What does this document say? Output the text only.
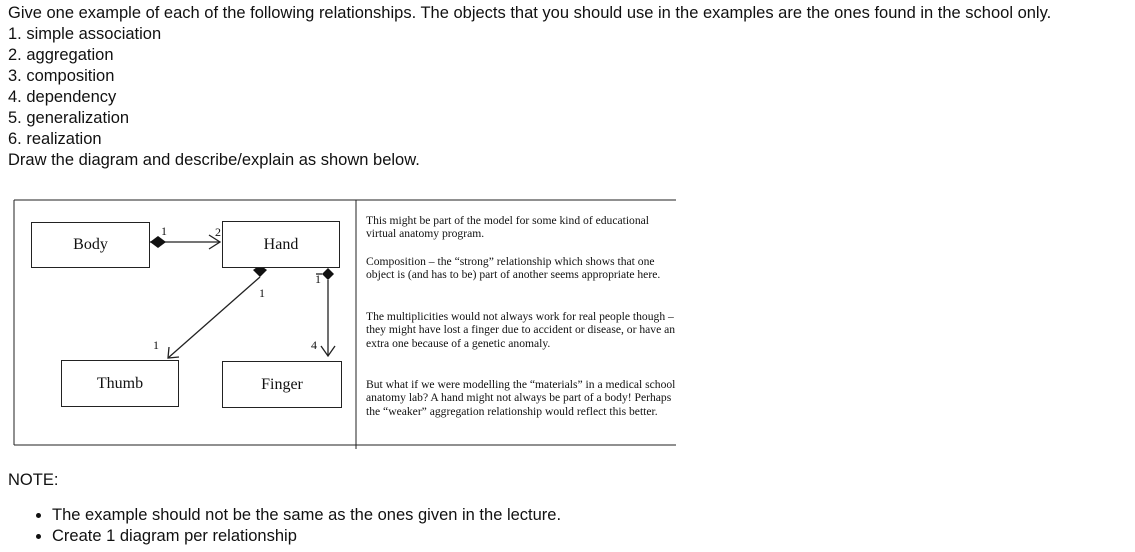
Give one example of each of the following relationships. The objects that you should use in the examples are the ones found in the school only.
1. simple association
2. aggregation
3. composition
4. dependency
5. generalization
6. realization
Draw the diagram and describe/explain as shown below.
Body	Hand
Thumb	Finger
1	2
1
1
1
4
This might be part of the model for some kind of educational virtual anatomy program.
Composition – the “strong” relationship which shows that one object is (and has to be) part of another seems appropriate here.
The multiplicities would not always work for real people though – they might have lost a finger due to accident or disease, or have an extra one because of a genetic anomaly.
But what if we were modelling the “materials” in a medical school anatomy lab? A hand might not always be part of a body! Perhaps the “weaker” aggregation relationship would reflect this better.
NOTE:
• The example should not be the same as the ones given in the lecture.
• Create 1 diagram per relationship
